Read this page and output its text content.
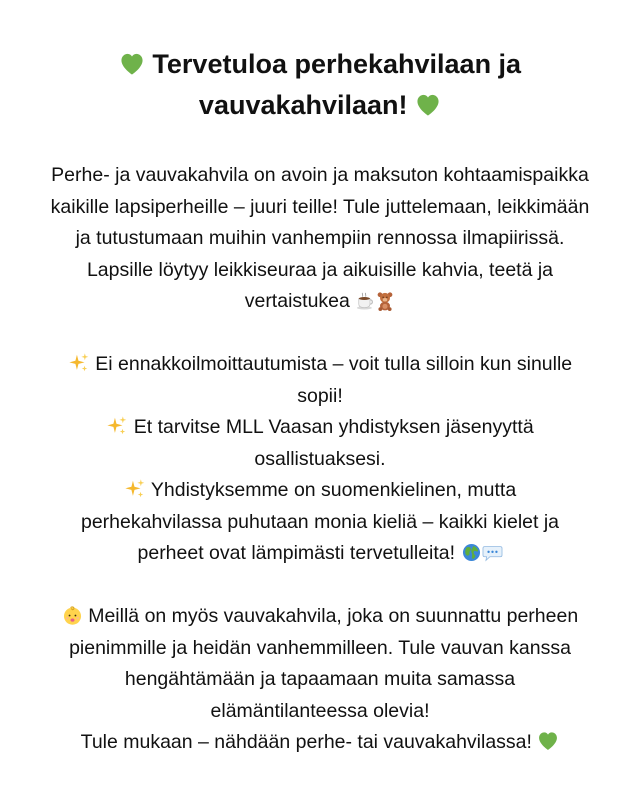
Tervetuloa perhekahvilaan ja
vauvakahvilaan!

Perhe- ja vauvakahvila on avoin ja maksuton kohtaamispaikka
kaikille lapsiperheille – juuri teille! Tule juttelemaan, leikkimään
ja tutustumaan muihin vanhempiin rennossa ilmapiirissä.
Lapsille löytyy leikkiseuraa ja aikuisille kahvia, teetä ja
vertaistukea

Ei ennakkoilmoittautumista – voit tulla silloin kun sinulle
sopii!

Et tarvitse MLL Vaasan yhdistyksen jäsenyyttä
osallistuaksesi.

Yhdistyksemme on suomenkielinen, mutta
perhekahvilassa puhutaan monia kieliä – kaikki kielet ja
perheet ovat lämpimästi tervetulleita!

Meillä on myös vauvakahvila, joka on suunnattu perheen
pienimmille ja heidän vanhemmilleen. Tule vauvan kanssa
hengähtämään ja tapaamaan muita samassa
elämäntilanteessa olevia!
Tule mukaan – nähdään perhe- tai vauvakahvilassa!
